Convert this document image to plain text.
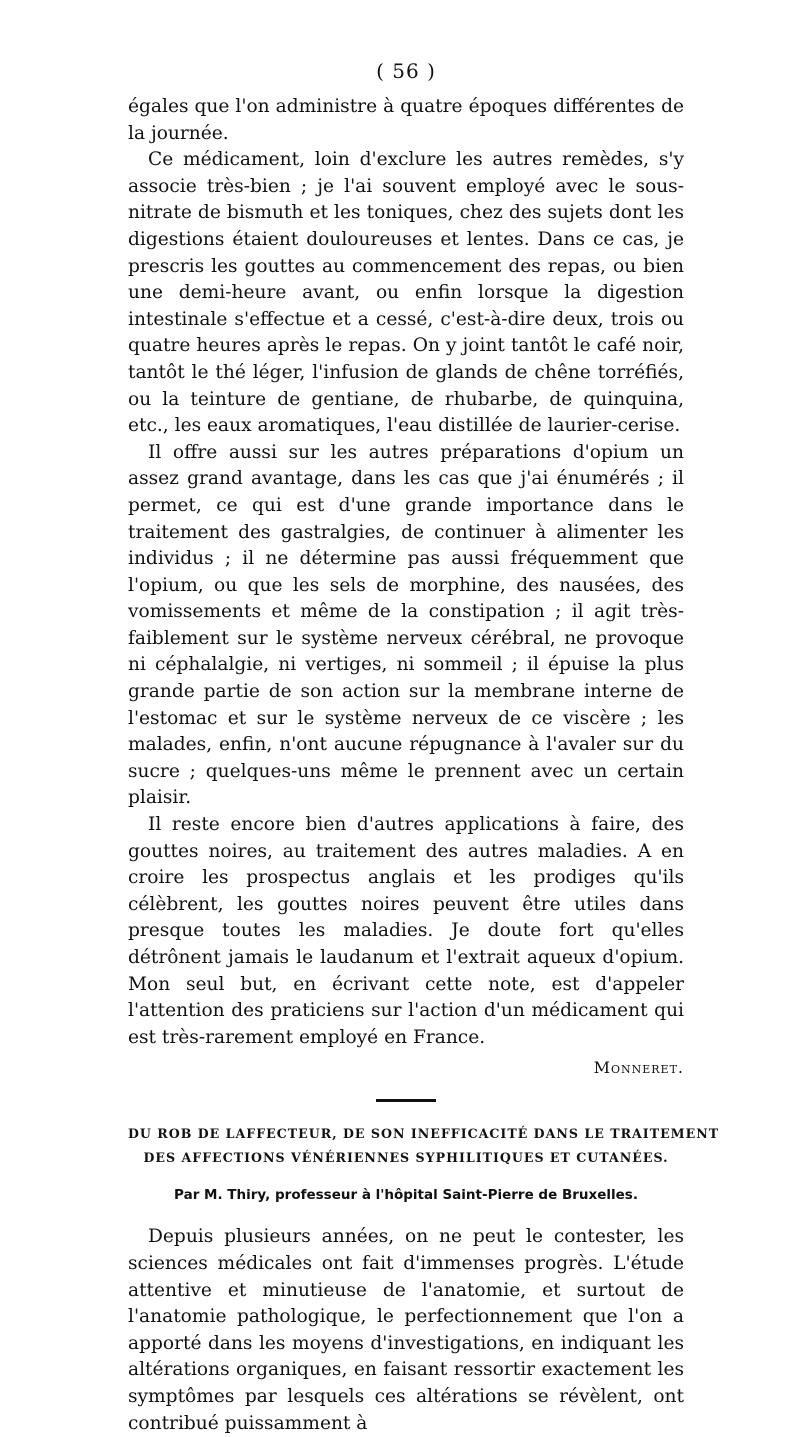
( 56 )

égales que l'on administre à quatre époques différentes de la journée.

Ce médicament, loin d'exclure les autres remèdes, s'y associe très-bien ; je l'ai souvent employé avec le sous-nitrate de bismuth et les toniques, chez des sujets dont les digestions étaient douloureuses et lentes. Dans ce cas, je prescris les gouttes au commencement des repas, ou bien une demi-heure avant, ou enfin lorsque la digestion intestinale s'effectue et a cessé, c'est-à-dire deux, trois ou quatre heures après le repas. On y joint tantôt le café noir, tantôt le thé léger, l'infusion de glands de chêne torréfiés, ou la teinture de gentiane, de rhubarbe, de quinquina, etc., les eaux aromatiques, l'eau distillée de laurier-cerise.

Il offre aussi sur les autres préparations d'opium un assez grand avantage, dans les cas que j'ai énumérés ; il permet, ce qui est d'une grande importance dans le traitement des gastralgies, de continuer à alimenter les individus ; il ne détermine pas aussi fréquemment que l'opium, ou que les sels de morphine, des nausées, des vomissements et même de la constipation ; il agit très-faiblement sur le système nerveux cérébral, ne provoque ni céphalalgie, ni vertiges, ni sommeil ; il épuise la plus grande partie de son action sur la membrane interne de l'estomac et sur le système nerveux de ce viscère ; les malades, enfin, n'ont aucune répugnance à l'avaler sur du sucre ; quelques-uns même le prennent avec un certain plaisir.

Il reste encore bien d'autres applications à faire, des gouttes noires, au traitement des autres maladies. A en croire les prospectus anglais et les prodiges qu'ils célèbrent, les gouttes noires peuvent être utiles dans presque toutes les maladies. Je doute fort qu'elles détrônent jamais le laudanum et l'extrait aqueux d'opium. Mon seul but, en écrivant cette note, est d'appeler l'attention des praticiens sur l'action d'un médicament qui est très-rarement employé en France.

Monneret.

DU ROB DE LAFFECTEUR, DE SON INEFFICACITÉ DANS LE TRAITEMENT

DES AFFECTIONS VÉNÉRIENNES SYPHILITIQUES ET CUTANÉES.

Par M. Thiry, professeur à l'hôpital Saint-Pierre de Bruxelles.

Depuis plusieurs années, on ne peut le contester, les sciences médicales ont fait d'immenses progrès. L'étude attentive et minutieuse de l'anatomie, et surtout de l'anatomie pathologique, le perfectionnement que l'on a apporté dans les moyens d'investigations, en indiquant les altérations organiques, en faisant ressortir exactement les symptômes par lesquels ces altérations se révèlent, ont contribué puissamment à
